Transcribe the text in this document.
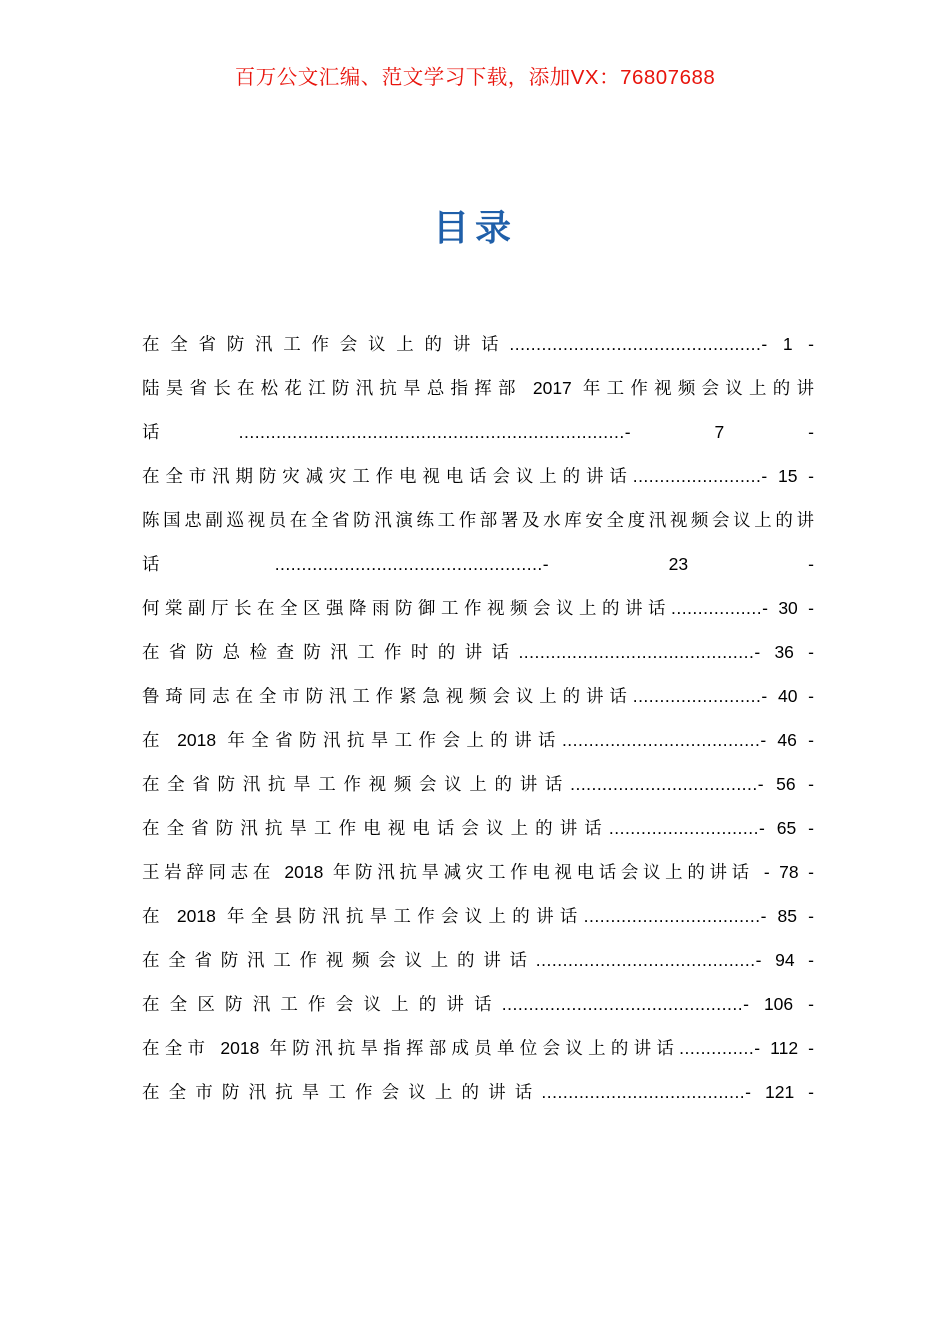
百万公文汇编、范文学习下载，添加VX：76807688
目录
在全省防汛工作会议上的讲话...............................................- 1 -
陆昊省长在松花江防汛抗旱总指挥部 2017 年工作视频会议上的讲话........................................................................- 7 -
在全市汛期防灾减灾工作电视电话会议上的讲话........................- 15 -
陈国忠副巡视员在全省防汛演练工作部署及水库安全度汛视频会议上的讲话..................................................- 23 -
何棠副厅长在全区强降雨防御工作视频会议上的讲话.................- 30 -
在省防总检查防汛工作时的讲话............................................- 36 -
鲁琦同志在全市防汛工作紧急视频会议上的讲话........................- 40 -
在 2018 年全省防汛抗旱工作会上的讲话.....................................- 46 -
在全省防汛抗旱工作视频会议上的讲话...................................- 56 -
在全省防汛抗旱工作电视电话会议上的讲话............................- 65 -
王岩辞同志在 2018 年防汛抗旱减灾工作电视电话会议上的讲话 - 78 -
在 2018 年全县防汛抗旱工作会议上的讲话.................................- 85 -
在全省防汛工作视频会议上的讲话.........................................- 94 -
在全区防汛工作会议上的讲话.............................................- 106 -
在全市 2018 年防汛抗旱指挥部成员单位会议上的讲话..............- 112 -
在全市防汛抗旱工作会议上的讲话......................................- 121 -
